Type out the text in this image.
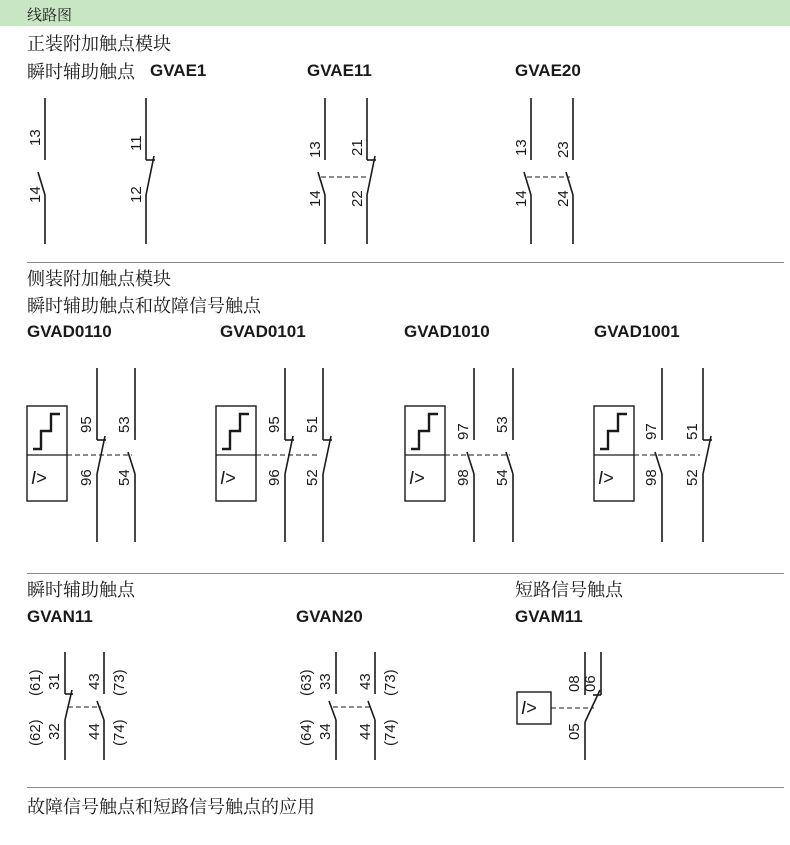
线路图
正装附加触点模块
瞬时辅助触点 GVAE1	GVAE11	GVAE20
侧装附加触点模块
瞬时辅助触点和故障信号触点
GVAD0110	GVAD0101	GVAD1010	GVAD1001
瞬时辅助触点	短路信号触点
GVAN11	GVAN20	GVAM11
故障信号触点和短路信号触点的应用
13
14
11
12
13
14
21
22
13
14
23
24
I>
95
96
53
54	I>
95
96
51
52	I>
97
98
53
54	I>
97
98
51
52
(61) 31
(62) 32
43 (73)
44 (74)
(63) 33
(64) 34
43 (73)
44 (74)
I>
08 06
05
